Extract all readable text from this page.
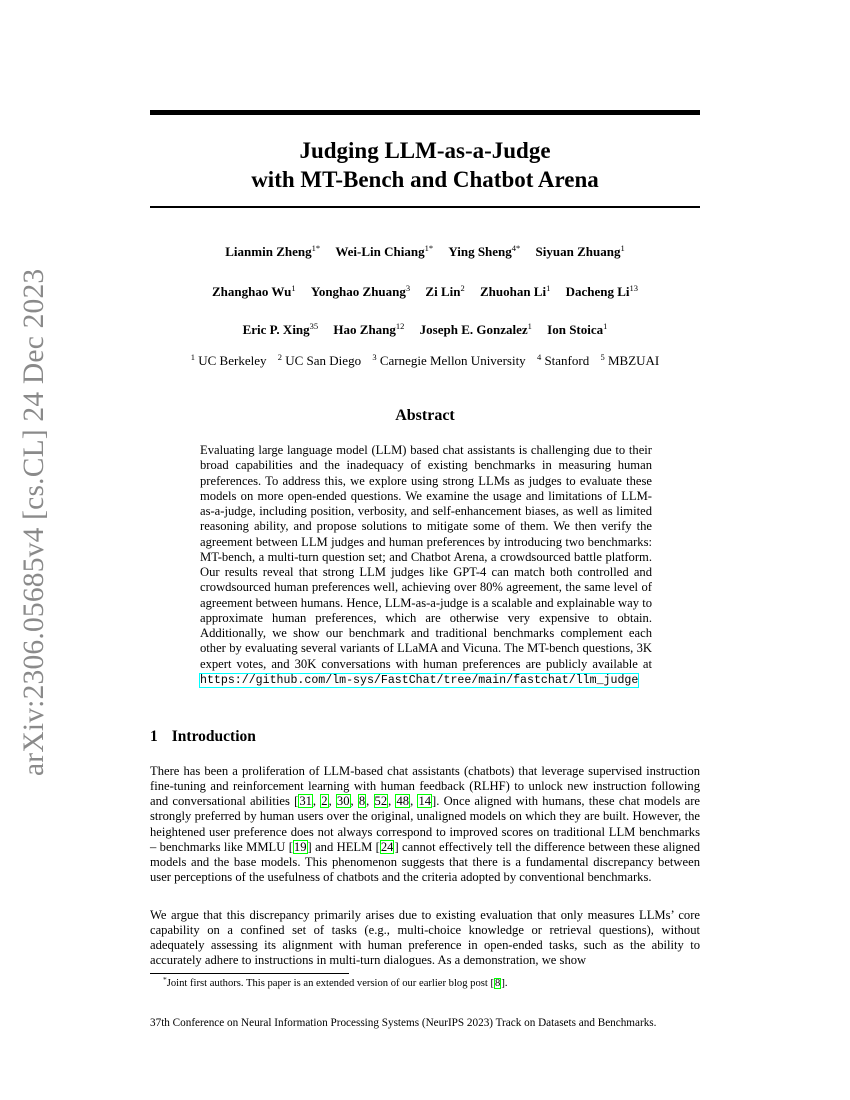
arXiv:2306.05685v4 [cs.CL] 24 Dec 2023
Judging LLM-as-a-Judge
with MT-Bench and Chatbot Arena
Lianmin Zheng$^{1*}$ Wei-Lin Chiang$^{1*}$ Ying Sheng$^{4*}$ Siyuan Zhuang$^1$
Zhanghao Wu$^1$ Yonghao Zhuang$^3$ Zi Lin$^2$ Zhuohan Li$^1$ Dacheng Li$^{13}$
Eric P. Xing$^{35}$ Hao Zhang$^{12}$ Joseph E. Gonzalez$^1$ Ion Stoica$^1$
$^1$ UC Berkeley $^2$ UC San Diego $^3$ Carnegie Mellon University $^4$ Stanford $^5$ MBZUAI
Abstract
Evaluating large language model (LLM) based chat assistants is challenging due to their broad capabilities and the inadequacy of existing benchmarks in measuring human preferences. To address this, we explore using strong LLMs as judges to evaluate these models on more open-ended questions. We examine the usage and limitations of LLM-as-a-judge, including position, verbosity, and self-enhancement biases, as well as limited reasoning ability, and propose solutions to mitigate some of them. We then verify the agreement between LLM judges and human preferences by introducing two benchmarks: MT-bench, a multi-turn question set; and Chatbot Arena, a crowdsourced battle platform. Our results reveal that strong LLM judges like GPT-4 can match both controlled and crowdsourced human preferences well, achieving over 80% agreement, the same level of agreement between humans. Hence, LLM-as-a-judge is a scalable and explainable way to approximate human preferences, which are otherwise very expensive to obtain. Additionally, we show our benchmark and traditional benchmarks complement each other by evaluating several variants of LLaMA and Vicuna. The MT-bench questions, 3K expert votes, and 30K conversations with human preferences are publicly available at https://github.com/lm-sys/FastChat/tree/main/fastchat/llm_judge
1 Introduction
There has been a proliferation of LLM-based chat assistants (chatbots) that leverage supervised instruction fine-tuning and reinforcement learning with human feedback (RLHF) to unlock new instruction following and conversational abilities [31, 2, 30, 8, 52, 48, 14]. Once aligned with humans, these chat models are strongly preferred by human users over the original, unaligned models on which they are built. However, the heightened user preference does not always correspond to improved scores on traditional LLM benchmarks – benchmarks like MMLU [19] and HELM [24] cannot effectively tell the difference between these aligned models and the base models. This phenomenon suggests that there is a fundamental discrepancy between user perceptions of the usefulness of chatbots and the criteria adopted by conventional benchmarks.
We argue that this discrepancy primarily arises due to existing evaluation that only measures LLMs’ core capability on a confined set of tasks (e.g., multi-choice knowledge or retrieval questions), without adequately assessing its alignment with human preference in open-ended tasks, such as the ability to accurately adhere to instructions in multi-turn dialogues. As a demonstration, we show
*Joint first authors. This paper is an extended version of our earlier blog post [8].
37th Conference on Neural Information Processing Systems (NeurIPS 2023) Track on Datasets and Benchmarks.
